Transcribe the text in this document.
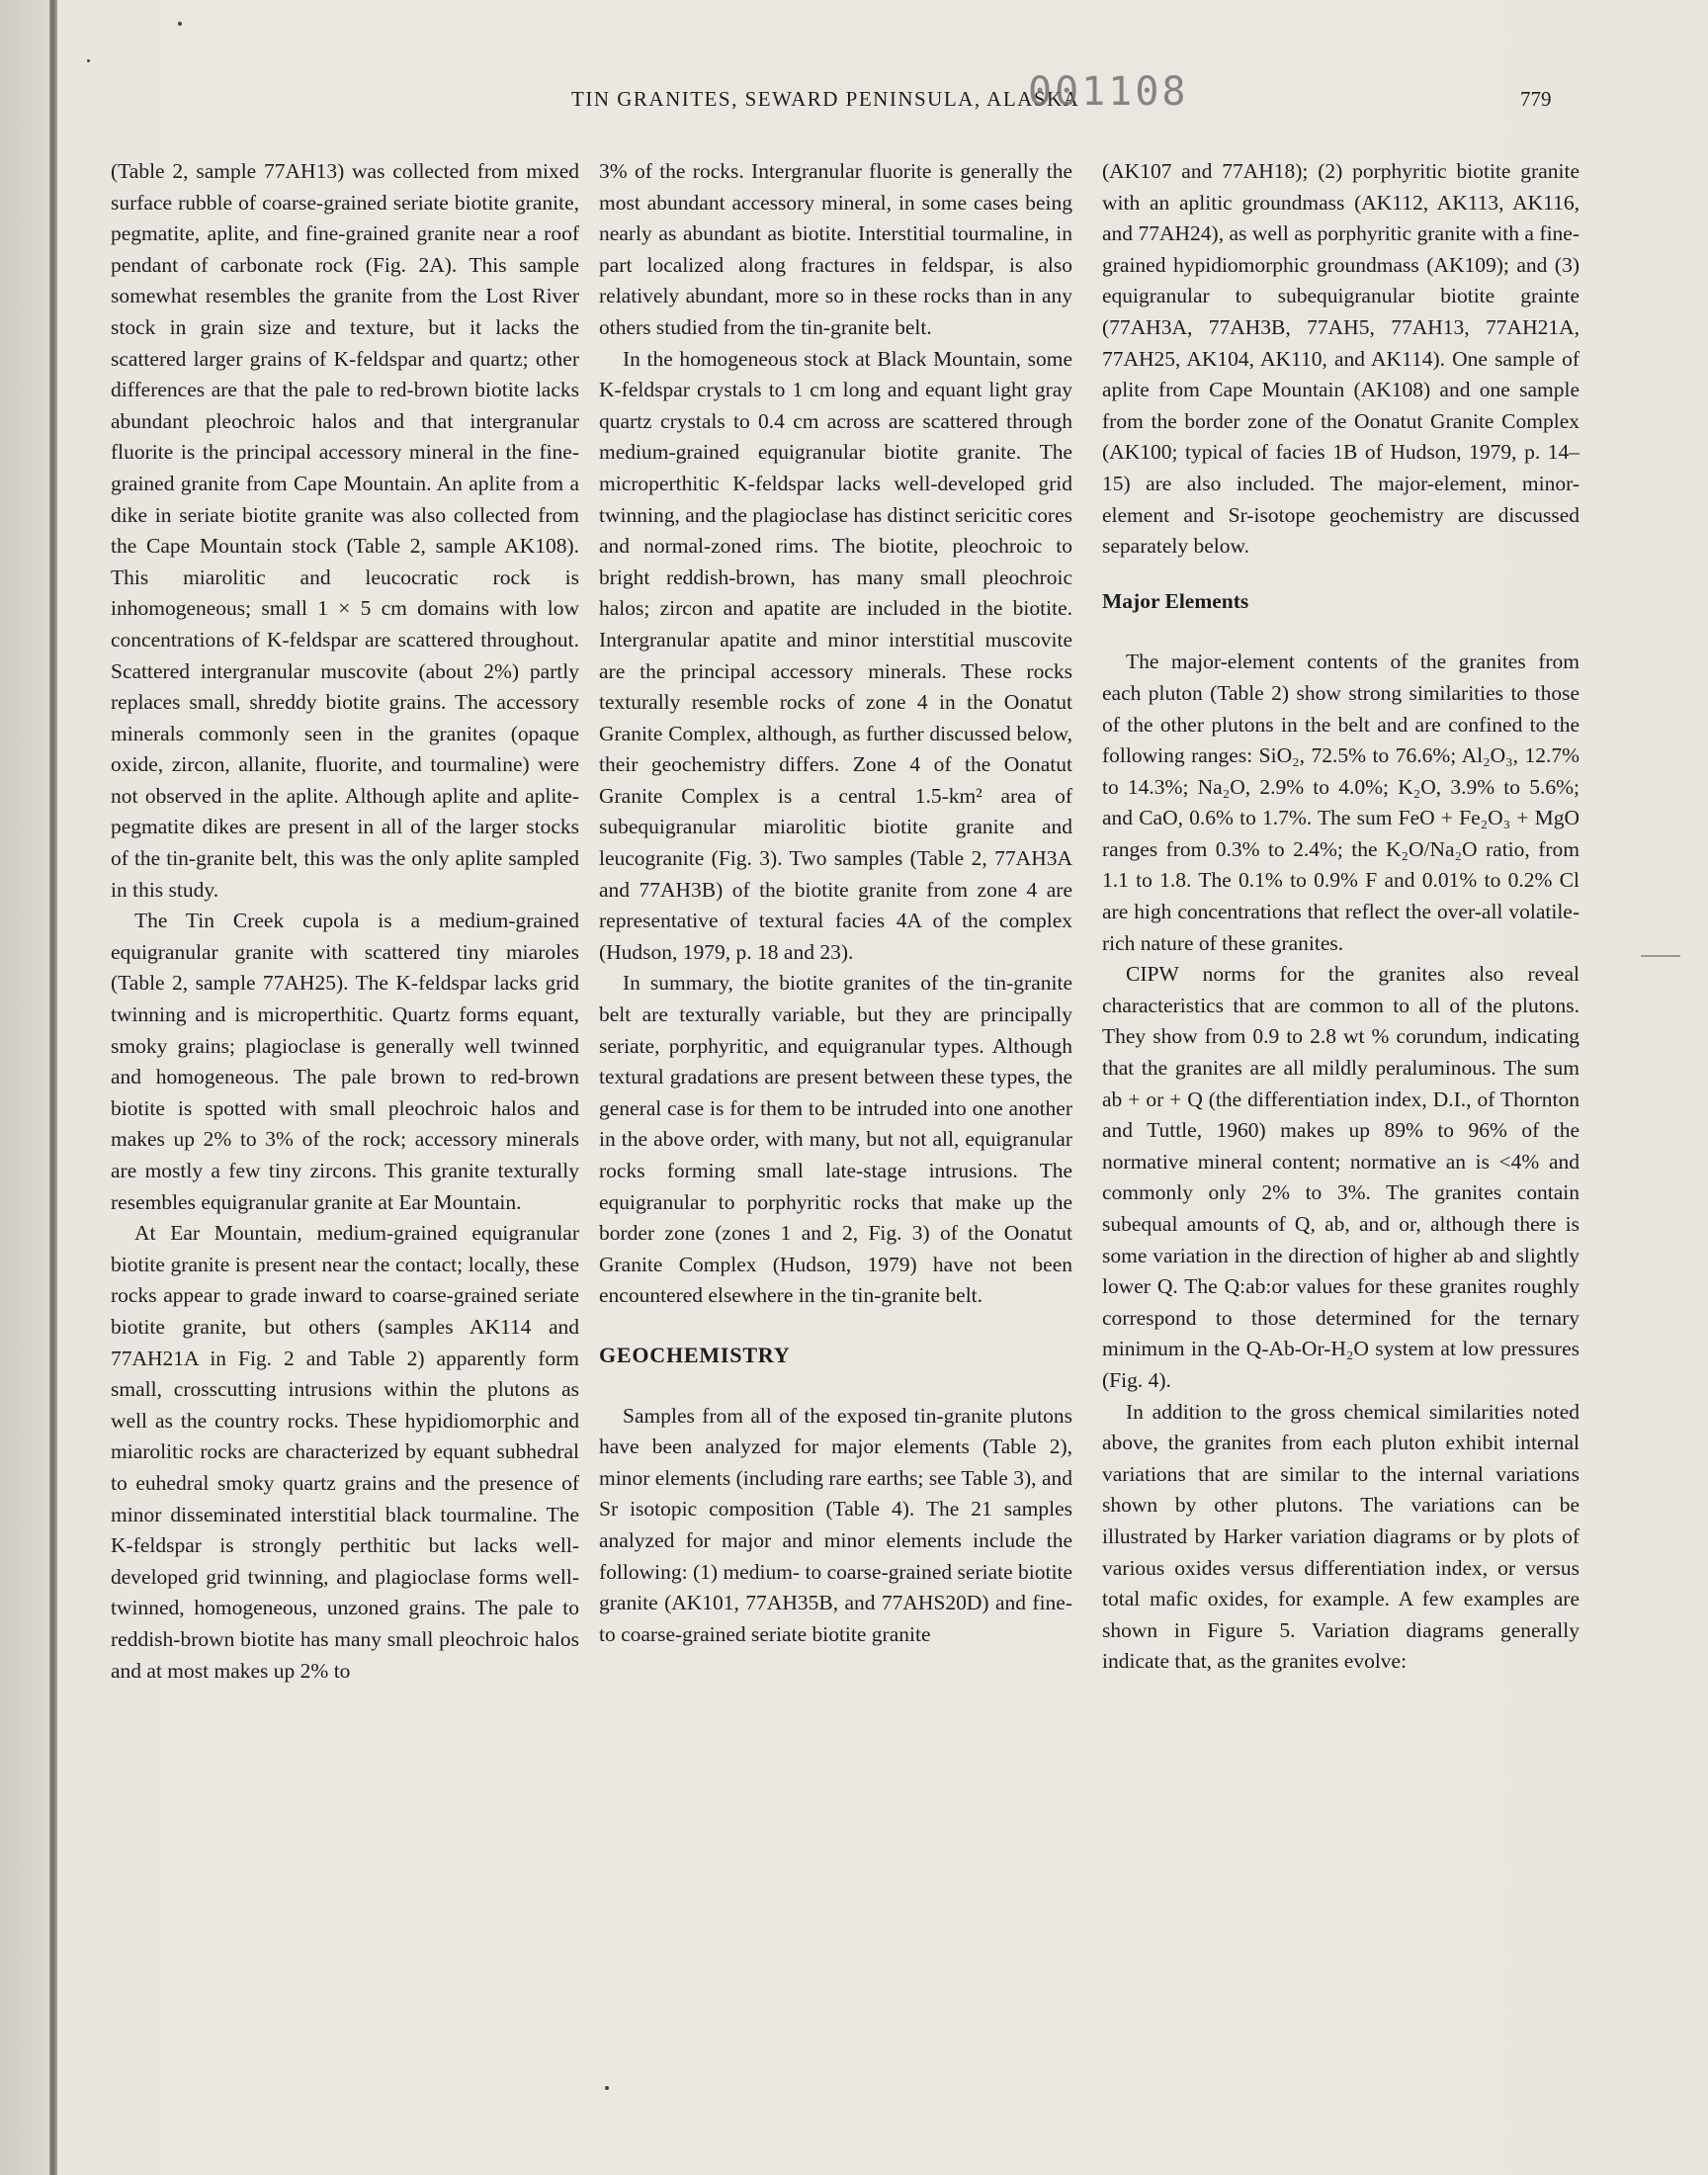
TIN GRANITES, SEWARD PENINSULA, ALASKA	779
001108

(Table 2, sample 77AH13) was collected from mixed surface rubble of coarse-grained seriate biotite granite, pegmatite, aplite, and fine-grained granite near a roof pendant of carbonate rock (Fig. 2A). This sample somewhat resembles the granite from the Lost River stock in grain size and texture, but it lacks the scattered larger grains of K-feldspar and quartz; other differences are that the pale to red-brown biotite lacks abundant pleochroic halos and that intergranular fluorite is the principal accessory mineral in the fine-grained granite from Cape Mountain. An aplite from a dike in seriate biotite granite was also collected from the Cape Mountain stock (Table 2, sample AK108). This miarolitic and leucocratic rock is inhomogeneous; small 1 × 5 cm domains with low concentrations of K-feldspar are scattered throughout. Scattered intergranular muscovite (about 2%) partly replaces small, shreddy biotite grains. The accessory minerals commonly seen in the granites (opaque oxide, zircon, allanite, fluorite, and tourmaline) were not observed in the aplite. Although aplite and aplite-pegmatite dikes are present in all of the larger stocks of the tin-granite belt, this was the only aplite sampled in this study.

The Tin Creek cupola is a medium-grained equigranular granite with scattered tiny miaroles (Table 2, sample 77AH25). The K-feldspar lacks grid twinning and is microperthitic. Quartz forms equant, smoky grains; plagioclase is generally well twinned and homogeneous. The pale brown to red-brown biotite is spotted with small pleochroic halos and makes up 2% to 3% of the rock; accessory minerals are mostly a few tiny zircons. This granite texturally resembles equigranular granite at Ear Mountain.

At Ear Mountain, medium-grained equigranular biotite granite is present near the contact; locally, these rocks appear to grade inward to coarse-grained seriate biotite granite, but others (samples AK114 and 77AH21A in Fig. 2 and Table 2) apparently form small, crosscutting intrusions within the plutons as well as the country rocks. These hypidiomorphic and miarolitic rocks are characterized by equant subhedral to euhedral smoky quartz grains and the presence of minor disseminated interstitial black tourmaline. The K-feldspar is strongly perthitic but lacks well-developed grid twinning, and plagioclase forms well-twinned, homogeneous, unzoned grains. The pale to reddish-brown biotite has many small pleochroic halos and at most makes up 2% to

3% of the rocks. Intergranular fluorite is generally the most abundant accessory mineral, in some cases being nearly as abundant as biotite. Interstitial tourmaline, in part localized along fractures in feldspar, is also relatively abundant, more so in these rocks than in any others studied from the tin-granite belt.

In the homogeneous stock at Black Mountain, some K-feldspar crystals to 1 cm long and equant light gray quartz crystals to 0.4 cm across are scattered through medium-grained equigranular biotite granite. The microperthitic K-feldspar lacks well-developed grid twinning, and the plagioclase has distinct sericitic cores and normal-zoned rims. The biotite, pleochroic to bright reddish-brown, has many small pleochroic halos; zircon and apatite are included in the biotite. Intergranular apatite and minor interstitial muscovite are the principal accessory minerals. These rocks texturally resemble rocks of zone 4 in the Oonatut Granite Complex, although, as further discussed below, their geochemistry differs. Zone 4 of the Oonatut Granite Complex is a central 1.5-km² area of subequigranular miarolitic biotite granite and leucogranite (Fig. 3). Two samples (Table 2, 77AH3A and 77AH3B) of the biotite granite from zone 4 are representative of textural facies 4A of the complex (Hudson, 1979, p. 18 and 23).

In summary, the biotite granites of the tin-granite belt are texturally variable, but they are principally seriate, porphyritic, and equigranular types. Although textural gradations are present between these types, the general case is for them to be intruded into one another in the above order, with many, but not all, equigranular rocks forming small late-stage intrusions. The equigranular to porphyritic rocks that make up the border zone (zones 1 and 2, Fig. 3) of the Oonatut Granite Complex (Hudson, 1979) have not been encountered elsewhere in the tin-granite belt.

GEOCHEMISTRY

Samples from all of the exposed tin-granite plutons have been analyzed for major elements (Table 2), minor elements (including rare earths; see Table 3), and Sr isotopic composition (Table 4). The 21 samples analyzed for major and minor elements include the following: (1) medium- to coarse-grained seriate biotite granite (AK101, 77AH35B, and 77AHS20D) and fine- to coarse-grained seriate biotite granite

(AK107 and 77AH18); (2) porphyritic biotite granite with an aplitic groundmass (AK112, AK113, AK116, and 77AH24), as well as porphyritic granite with a fine-grained hypidiomorphic groundmass (AK109); and (3) equigranular to subequigranular biotite grainte (77AH3A, 77AH3B, 77AH5, 77AH13, 77AH21A, 77AH25, AK104, AK110, and AK114). One sample of aplite from Cape Mountain (AK108) and one sample from the border zone of the Oonatut Granite Complex (AK100; typical of facies 1B of Hudson, 1979, p. 14–15) are also included. The major-element, minor-element and Sr-isotope geochemistry are discussed separately below.

Major Elements

The major-element contents of the granites from each pluton (Table 2) show strong similarities to those of the other plutons in the belt and are confined to the following ranges: SiO₂, 72.5% to 76.6%; Al₂O₃, 12.7% to 14.3%; Na₂O, 2.9% to 4.0%; K₂O, 3.9% to 5.6%; and CaO, 0.6% to 1.7%. The sum FeO + Fe₂O₃ + MgO ranges from 0.3% to 2.4%; the K₂O/Na₂O ratio, from 1.1 to 1.8. The 0.1% to 0.9% F and 0.01% to 0.2% Cl are high concentrations that reflect the over-all volatile-rich nature of these granites.

CIPW norms for the granites also reveal characteristics that are common to all of the plutons. They show from 0.9 to 2.8 wt % corundum, indicating that the granites are all mildly peraluminous. The sum ab + or + Q (the differentiation index, D.I., of Thornton and Tuttle, 1960) makes up 89% to 96% of the normative mineral content; normative an is <4% and commonly only 2% to 3%. The granites contain subequal amounts of Q, ab, and or, although there is some variation in the direction of higher ab and slightly lower Q. The Q:ab:or values for these granites roughly correspond to those determined for the ternary minimum in the Q-Ab-Or-H₂O system at low pressures (Fig. 4).

In addition to the gross chemical similarities noted above, the granites from each pluton exhibit internal variations that are similar to the internal variations shown by other plutons. The variations can be illustrated by Harker variation diagrams or by plots of various oxides versus differentiation index, or versus total mafic oxides, for example. A few examples are shown in Figure 5. Variation diagrams generally indicate that, as the granites evolve:
